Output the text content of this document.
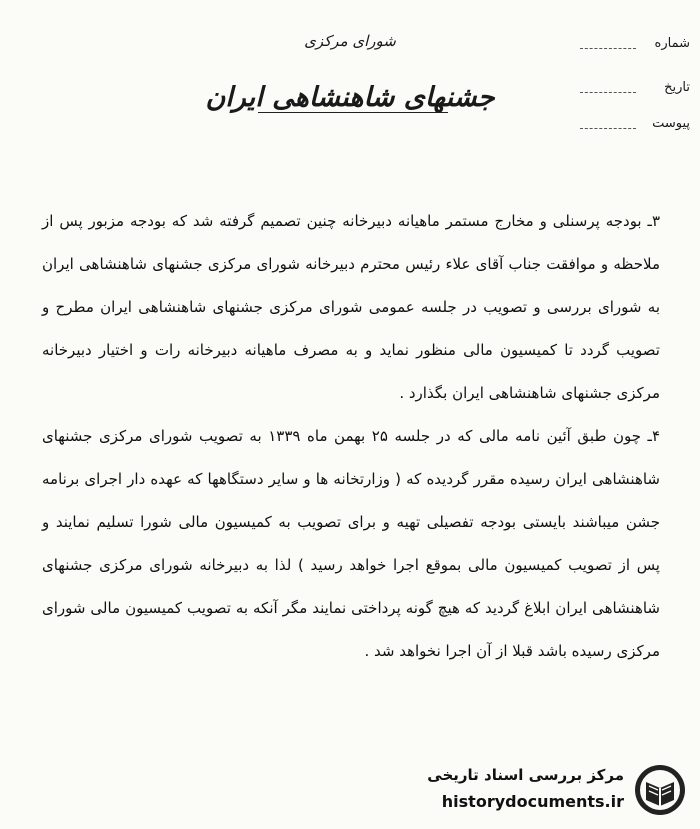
شورای مرکزی
جشنهای شاهنشاهی ایران
شماره
تاریخ
پیوست

۳ـ بودجه پرسنلی و مخارج مستمر ماهیانه دبیرخانه چنین تصمیم گرفته شد که بودجه مزبور پس از ملاحظه و موافقت جناب آقای علاء رئیس محترم دبیرخانه شورای مرکزی جشنهای شاهنشاهی ایران به شورای بررسی و تصویب در جلسه عمومی شورای مرکزی جشنهای شاهنشاهی ایران مطرح و تصویب گردد تا کمیسیون مالی منظور نماید و به مصرف ماهیانه دبیرخانه رات و اختیار دبیرخانه مرکزی جشنهای شاهنشاهی ایران بگذارد .

۴ـ چون طبق آئین نامه مالی که در جلسه ۲۵ بهمن ماه ۱۳۳۹ به تصویب شورای مرکزی جشنهای شاهنشاهی ایران رسیده مقرر گردیده که ( وزارتخانه ها و سایر دستگاهها که عهده دار اجرای برنامه جشن میباشند بایستی بودجه تفصیلی تهیه و برای تصویب به کمیسیون مالی شورا تسلیم نمایند و پس از تصویب کمیسیون مالی بموقع اجرا خواهد رسید ) لذا به دبیرخانه شورای مرکزی جشنهای شاهنشاهی ایران ابلاغ گردید که هیچ گونه پرداختی نمایند مگر آنکه به تصویب کمیسیون مالی شورای مرکزی رسیده باشد قبلا از آن اجرا نخواهد شد .

مرکز بررسی اسناد تاریخی
historydocuments.ir
